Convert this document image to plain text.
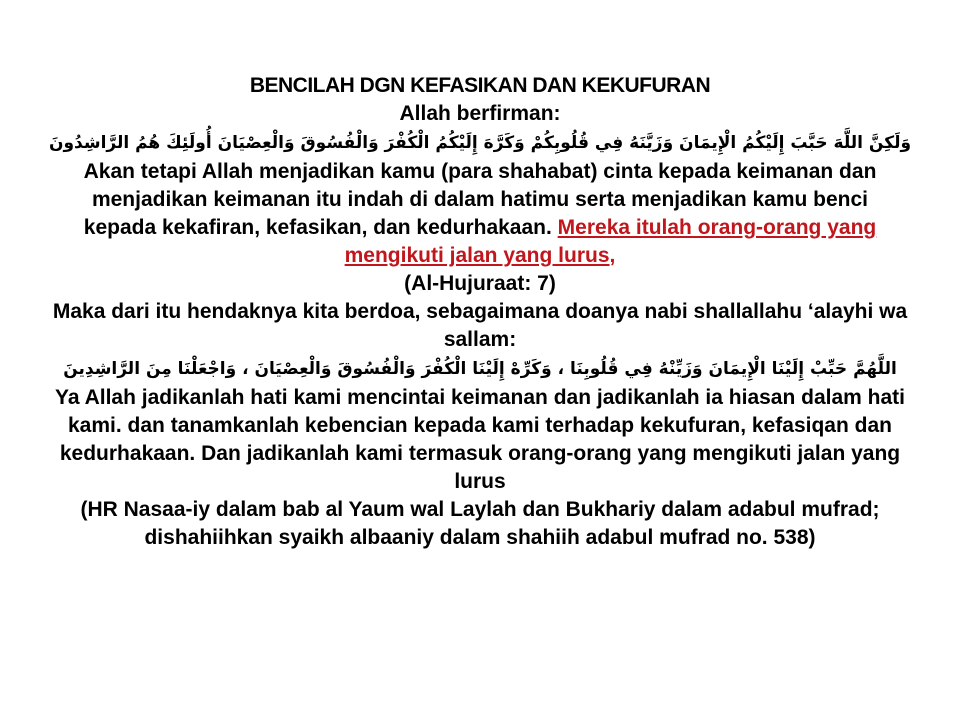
BENCILAH DGN KEFASIKAN DAN KEKUFURAN
Allah berfirman:
وَلَكِنَّ اللَّهَ حَبَّبَ إِلَيْكُمُ الْإِيمَانَ وَزَيَّنَهُ فِي قُلُوبِكُمْ وَكَرَّهَ إِلَيْكُمُ الْكُفْرَ وَالْفُسُوقَ وَالْعِصْيَانَ أُولَئِكَ هُمُ الرَّاشِدُونَ
Akan tetapi Allah menjadikan kamu (para shahabat) cinta kepada keimanan dan
menjadikan keimanan itu indah di dalam hatimu serta menjadikan kamu benci
kepada kekafiran, kefasikan, dan kedurhakaan. Mereka itulah orang-orang yang
mengikuti jalan yang lurus,
(Al-Hujuraat: 7)
Maka dari itu hendaknya kita berdoa, sebagaimana doanya nabi shallallahu ‘alayhi wa
sallam:
اللَّهُمَّ حَبِّبْ إِلَيْنَا الْإِيمَانَ وَزَيِّنْهُ فِي قُلُوبِنَا ، وَكَرِّهْ إِلَيْنَا الْكُفْرَ وَالْفُسُوقَ وَالْعِصْيَانَ ، وَاجْعَلْنَا مِنَ الرَّاشِدِينَ
Ya Allah jadikanlah hati kami mencintai keimanan dan jadikanlah ia hiasan dalam hati
kami. dan tanamkanlah kebencian kepada kami terhadap kekufuran, kefasiqan dan
kedurhakaan. Dan jadikanlah kami termasuk orang-orang yang mengikuti jalan yang
lurus
(HR Nasaa-iy dalam bab al Yaum wal Laylah dan Bukhariy dalam adabul mufrad;
dishahiihkan syaikh albaaniy dalam shahiih adabul mufrad no. 538)
